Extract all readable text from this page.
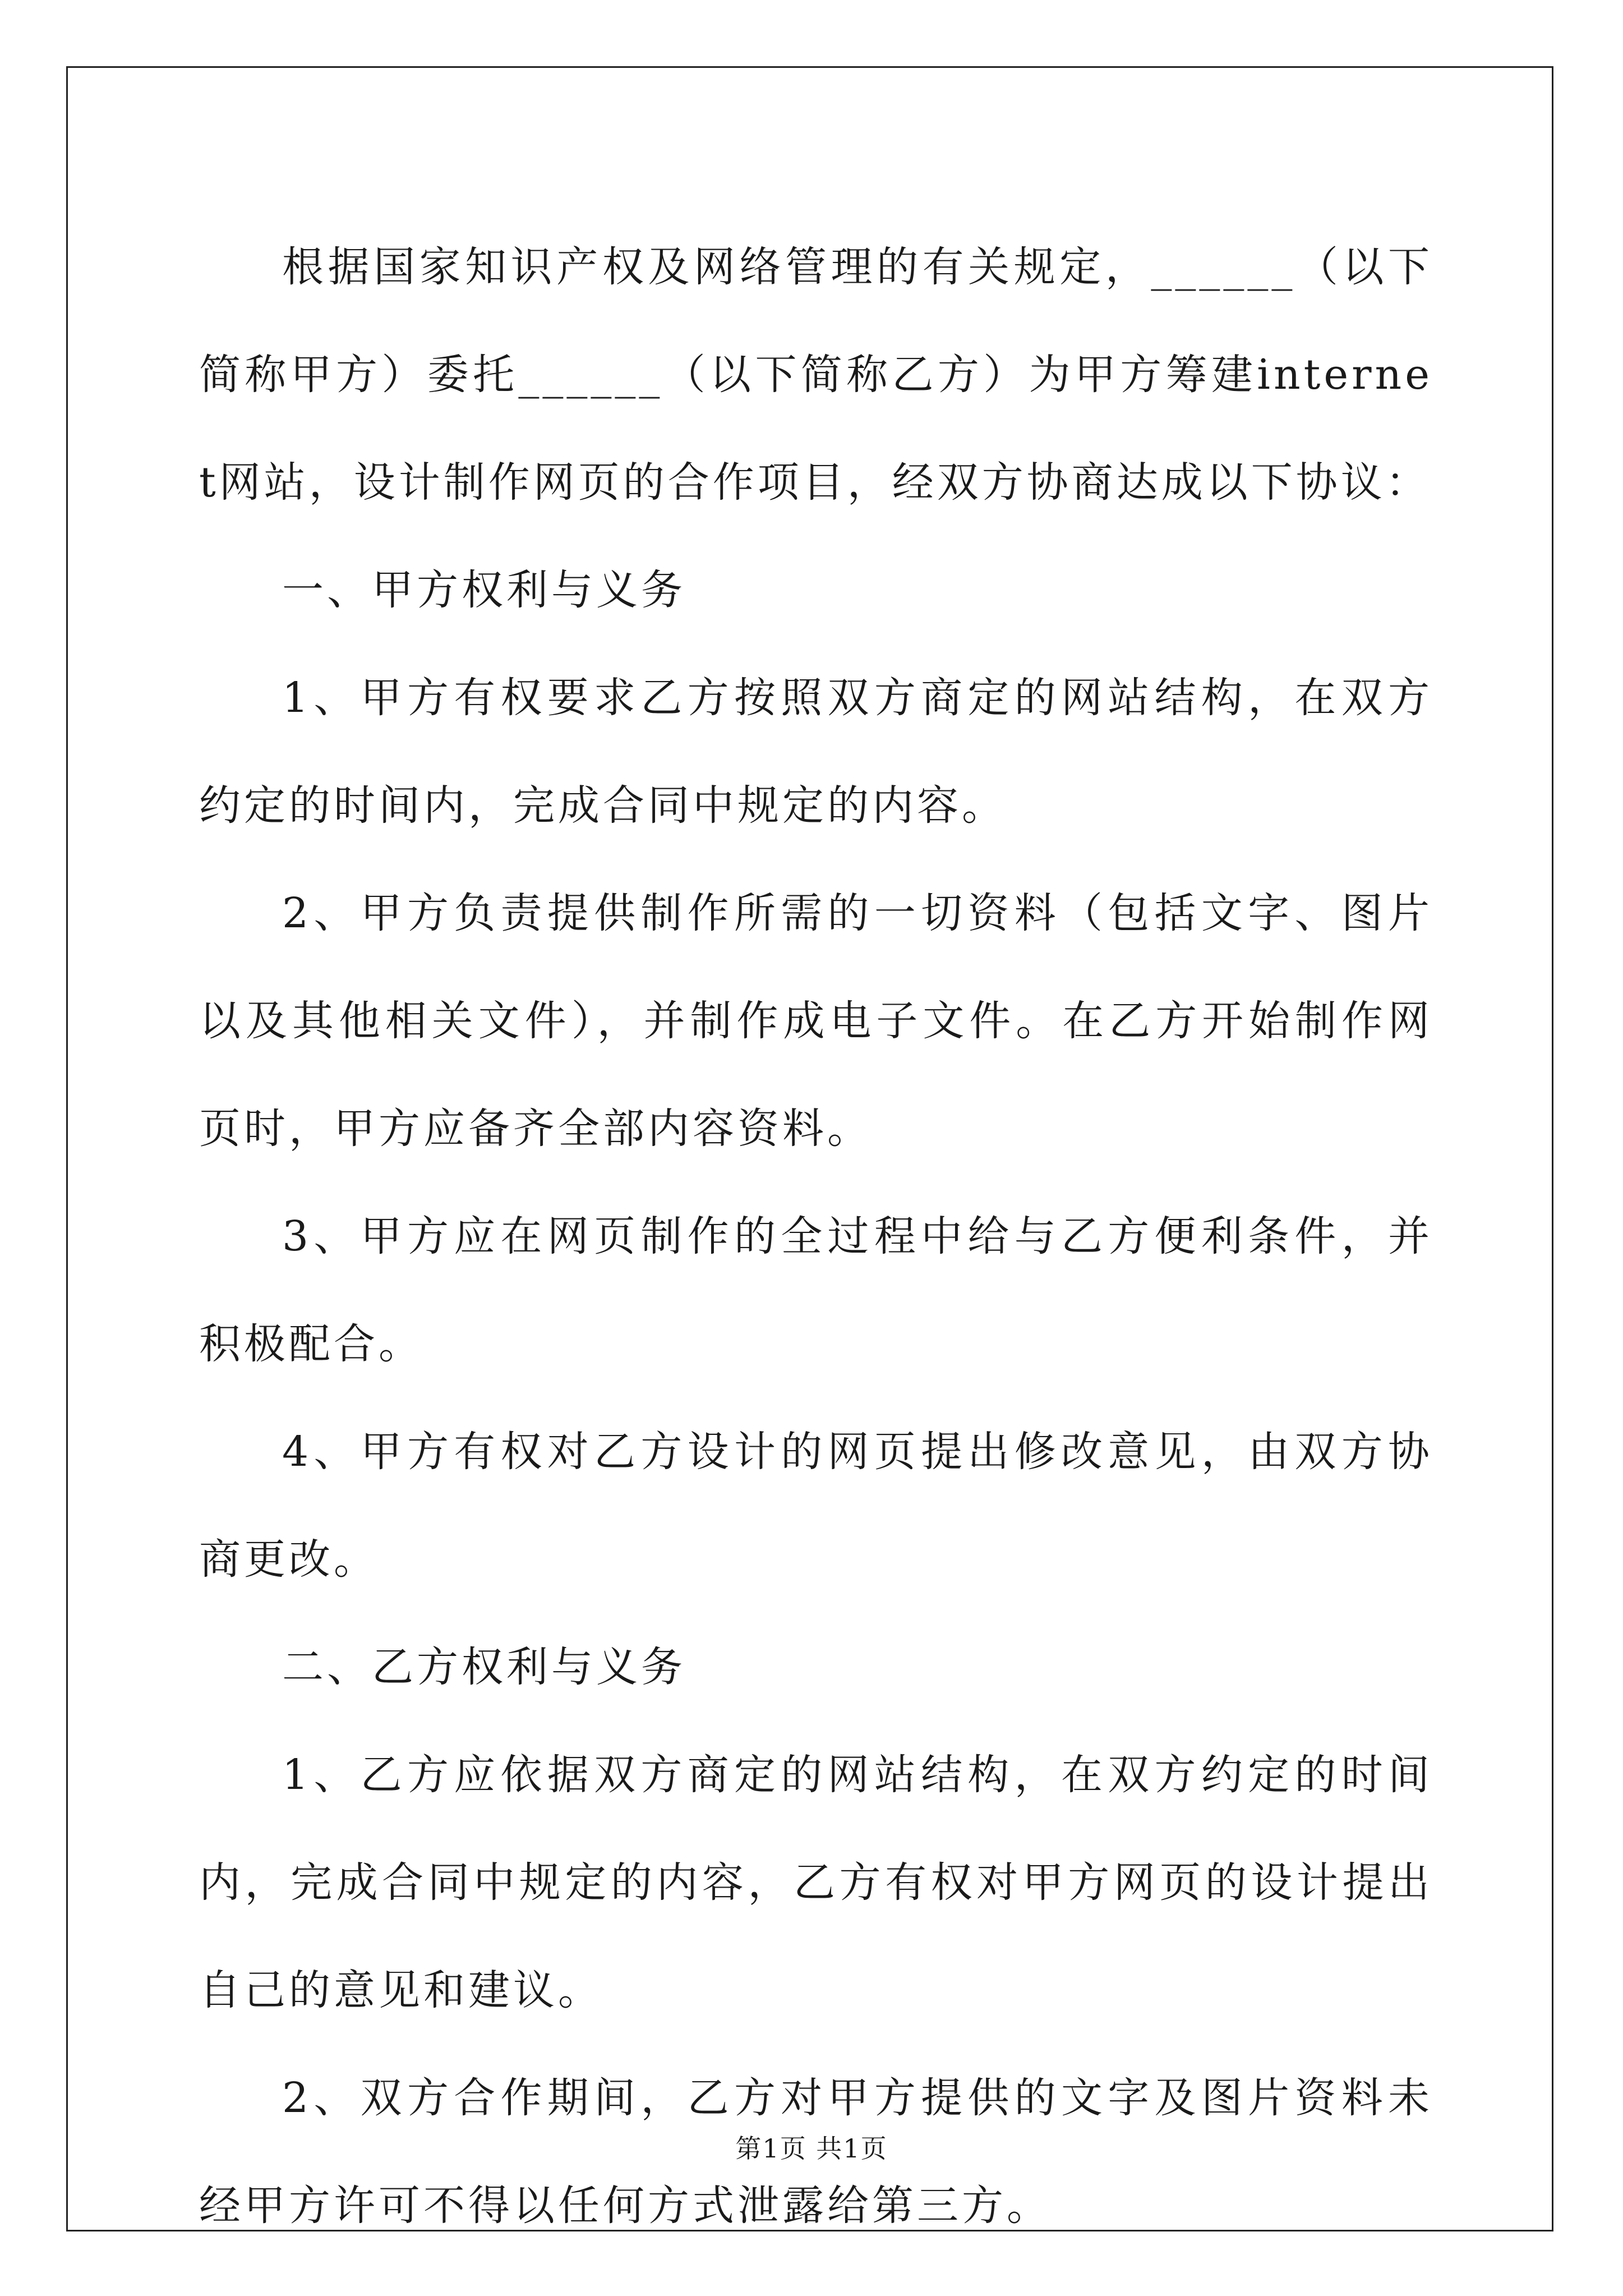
根据国家知识产权及网络管理的有关规定，______（以下简称甲方）委托______（以下简称乙方）为甲方筹建internet网站，设计制作网页的合作项目，经双方协商达成以下协议：

一、甲方权利与义务

1、甲方有权要求乙方按照双方商定的网站结构，在双方约定的时间内，完成合同中规定的内容。

2、甲方负责提供制作所需的一切资料（包括文字、图片以及其他相关文件），并制作成电子文件。在乙方开始制作网页时，甲方应备齐全部内容资料。

3、甲方应在网页制作的全过程中给与乙方便利条件，并积极配合。

4、甲方有权对乙方设计的网页提出修改意见，由双方协商更改。

二、乙方权利与义务

1、乙方应依据双方商定的网站结构，在双方约定的时间内，完成合同中规定的内容，乙方有权对甲方网页的设计提出自己的意见和建议。

2、双方合作期间，乙方对甲方提供的文字及图片资料未经甲方许可不得以任何方式泄露给第三方。

第1页 共1页
